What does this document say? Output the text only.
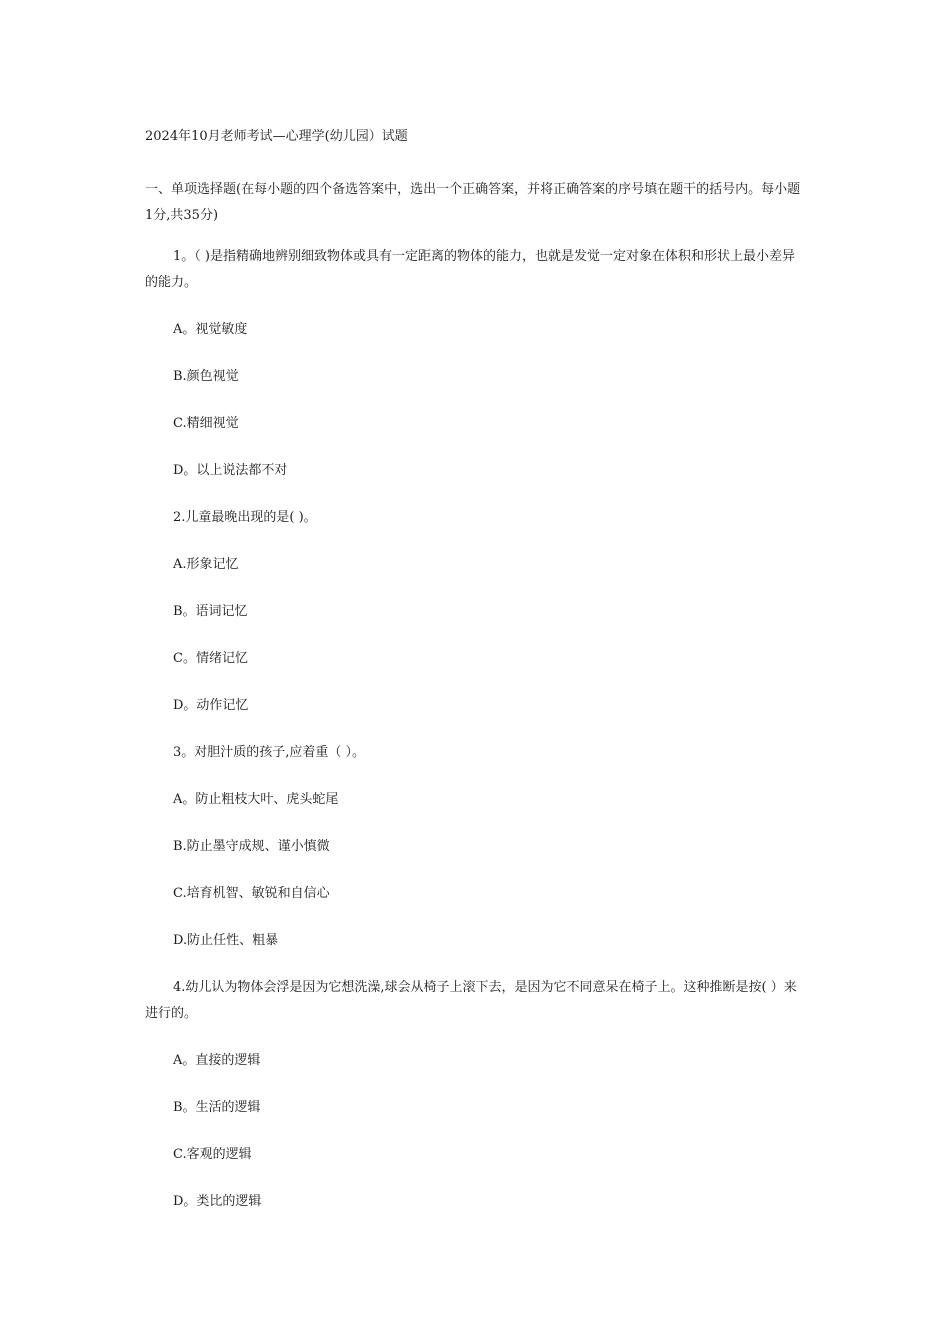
2024年10月老师考试—心理学(幼儿园）试题
一、单项选择题(在每小题的四个备选答案中，选出一个正确答案，并将正确答案的序号填在题干的括号内。每小题1分,共35分)

1。（ )是指精确地辨别细致物体或具有一定距离的物体的能力，也就是发觉一定对象在体积和形状上最小差异的能力。

A。视觉敏度

B.颜色视觉

C.精细视觉

D。以上说法都不对

2.儿童最晚出现的是( )。

A.形象记忆

B。语词记忆

C。情绪记忆

D。动作记忆

3。对胆汁质的孩子,应着重（ ）。

A。防止粗枝大叶、虎头蛇尾

B.防止墨守成规、谨小慎微

C.培育机智、敏锐和自信心

D.防止任性、粗暴

4.幼儿认为物体会浮是因为它想洗澡,球会从椅子上滚下去，是因为它不同意呆在椅子上。这种推断是按( ）来进行的。

A。直接的逻辑

B。生活的逻辑

C.客观的逻辑

D。类比的逻辑
